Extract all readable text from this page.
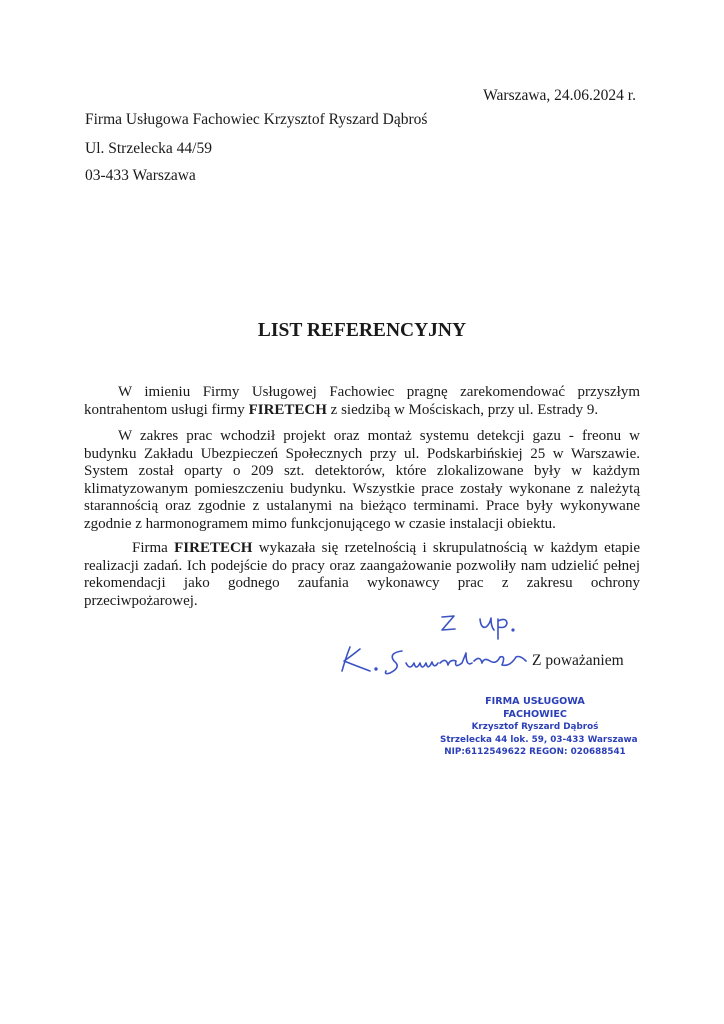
Warszawa, 24.06.2024 r.
Firma Usługowa Fachowiec Krzysztof Ryszard Dąbroś
Ul. Strzelecka 44/59
03-433 Warszawa
LIST REFERENCYJNY
W imieniu Firmy Usługowej Fachowiec pragnę zarekomendować przyszłym kontrahentom usługi firmy FIRETECH z siedzibą w Mościskach, przy ul. Estrady 9.
W zakres prac wchodził projekt oraz montaż systemu detekcji gazu - freonu w budynku Zakładu Ubezpieczeń Społecznych przy ul. Podskarbińskiej 25 w Warszawie. System został oparty o 209 szt. detektorów, które zlokalizowane były w każdym klimatyzowanym pomieszczeniu budynku. Wszystkie prace zostały wykonane z należytą starannością oraz zgodnie z ustalanymi na bieżąco terminami. Prace były wykonywane zgodnie z harmonogramem mimo funkcjonującego w czasie instalacji obiektu.
Firma FIRETECH wykazała się rzetelnością i skrupulatnością w każdym etapie realizacji zadań. Ich podejście do pracy oraz zaangażowanie pozwoliły nam udzielić pełnej rekomendacji jako godnego zaufania wykonawcy prac z zakresu ochrony przeciwpożarowej.
Z poważaniem
FIRMA USŁUGOWA
FACHOWIEC
Krzysztof Ryszard Dąbroś
Strzelecka 44 lok. 59, 03-433 Warszawa
NIP:6112549622 REGON: 020688541
